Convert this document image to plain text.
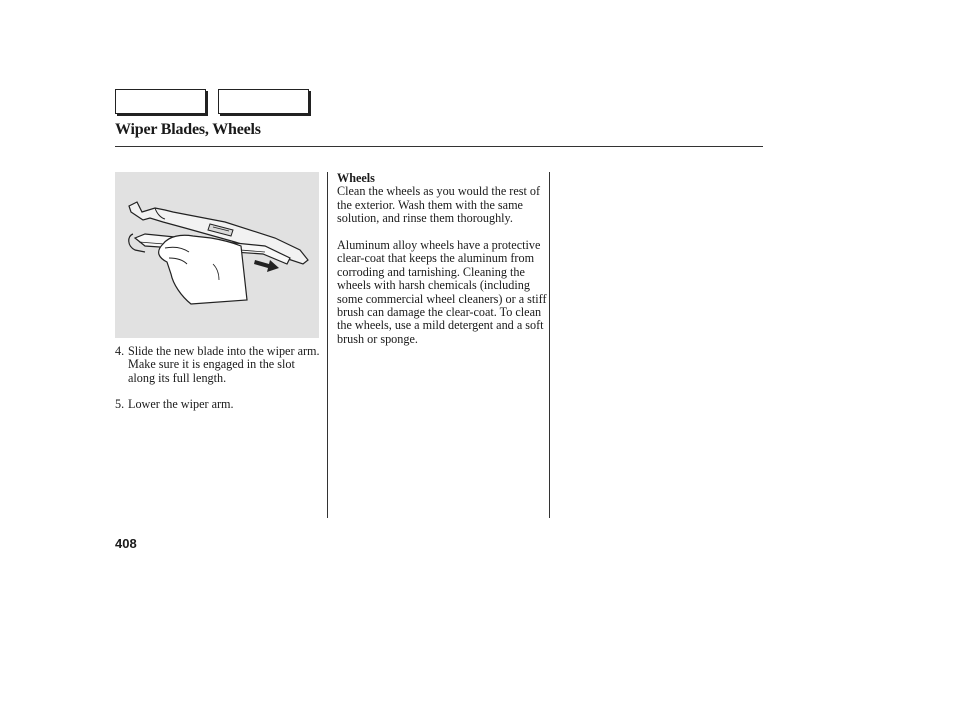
Wiper Blades, Wheels
4. Slide the new blade into the wiper arm. Make sure it is engaged in the slot along its full length.
5. Lower the wiper arm.
Wheels

Clean the wheels as you would the rest of the exterior. Wash them with the same solution, and rinse them thoroughly.

Aluminum alloy wheels have a protective clear-coat that keeps the aluminum from corroding and tarnishing. Cleaning the wheels with harsh chemicals (including some commercial wheel cleaners) or a stiff brush can damage the clear-coat. To clean the wheels, use a mild detergent and a soft brush or sponge.

408
